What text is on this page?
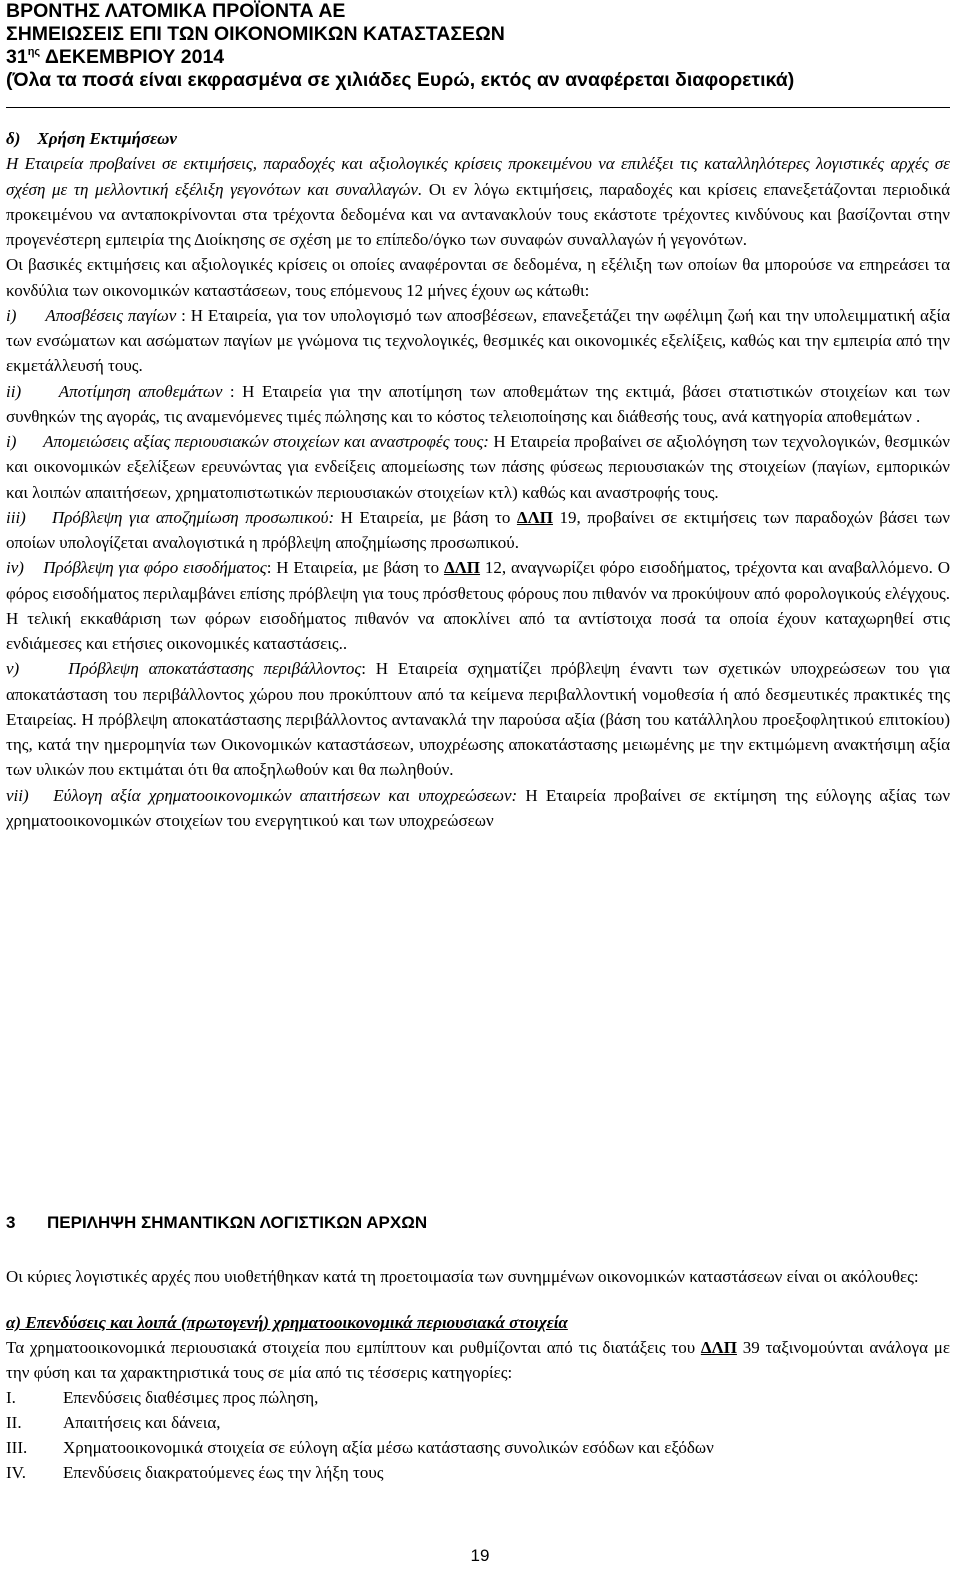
ΒΡΟΝΤΗΣ ΛΑΤΟΜΙΚΑ ΠΡΟΪΟΝΤΑ ΑΕ
ΣΗΜΕΙΩΣΕΙΣ ΕΠΙ ΤΩΝ ΟΙΚΟΝΟΜΙΚΩΝ ΚΑΤΑΣΤΑΣΕΩΝ
$31^{\eta\varsigma}$ ΔΕΚΕΜΒΡΙΟΥ 2014
(Όλα τα ποσά είναι εκφρασμένα σε χιλιάδες Ευρώ, εκτός αν αναφέρεται διαφορετικά)

δ)    Χρήση Εκτιμήσεων

Η Εταιρεία προβαίνει σε εκτιμήσεις, παραδοχές και αξιολογικές κρίσεις προκειμένου να επιλέξει τις καταλληλότερες λογιστικές αρχές σε σχέση με τη μελλοντική εξέλιξη γεγονότων και συναλλαγών. Οι εν λόγω εκτιμήσεις, παραδοχές και κρίσεις επανεξετάζονται περιοδικά προκειμένου να ανταποκρίνονται στα τρέχοντα δεδομένα και να αντανακλούν τους εκάστοτε τρέχοντες κινδύνους και βασίζονται στην προγενέστερη εμπειρία της Διοίκησης σε σχέση με το επίπεδο/όγκο των συναφών συναλλαγών ή γεγονότων.

Οι βασικές εκτιμήσεις και αξιολογικές κρίσεις οι οποίες αναφέρονται σε δεδομένα, η εξέλιξη των οποίων θα μπορούσε να επηρεάσει τα κονδύλια των οικονομικών καταστάσεων, τους επόμενους 12 μήνες έχουν ως κάτωθι:

i)      Αποσβέσεις παγίων : Η Εταιρεία, για τον υπολογισμό των αποσβέσεων, επανεξετάζει την ωφέλιμη ζωή και την υπολειμματική αξία των ενσώματων και ασώματων παγίων με γνώμονα τις τεχνολογικές, θεσμικές και οικονομικές εξελίξεις, καθώς και την εμπειρία από την εκμετάλλευσή τους.

ii)     Αποτίμηση αποθεμάτων : Η Εταιρεία για την αποτίμηση των αποθεμάτων της εκτιμά, βάσει στατιστικών στοιχείων και των συνθηκών της αγοράς, τις αναμενόμενες τιμές πώλησης και το κόστος τελειοποίησης και διάθεσής τους, ανά κατηγορία αποθεμάτων .

i)      Απομειώσεις αξίας περιουσιακών στοιχείων και αναστροφές τους: Η Εταιρεία προβαίνει σε αξιολόγηση των τεχνολογικών, θεσμικών και οικονομικών εξελίξεων ερευνώντας για ενδείξεις απομείωσης των πάσης φύσεως περιουσιακών της στοιχείων (παγίων, εμπορικών και λοιπών απαιτήσεων, χρηματοπιστωτικών περιουσιακών στοιχείων κτλ) καθώς και αναστροφής τους.

iii)    Πρόβλεψη για αποζημίωση προσωπικού: Η Εταιρεία, με βάση το ΔΛΠ 19, προβαίνει σε εκτιμήσεις των παραδοχών βάσει των οποίων υπολογίζεται αναλογιστικά η πρόβλεψη αποζημίωσης προσωπικού.

iv)    Πρόβλεψη για φόρο εισοδήματος: Η Εταιρεία, με βάση το ΔΛΠ 12, αναγνωρίζει φόρο εισοδήματος, τρέχοντα και αναβαλλόμενο. Ο φόρος εισοδήματος περιλαμβάνει επίσης πρόβλεψη για τους πρόσθετους φόρους που πιθανόν να προκύψουν από φορολογικούς ελέγχους. Η τελική εκκαθάριση των φόρων εισοδήματος πιθανόν να αποκλίνει από τα αντίστοιχα ποσά τα οποία έχουν καταχωρηθεί στις ενδιάμεσες και ετήσιες οικονομικές καταστάσεις..

v)     Πρόβλεψη αποκατάστασης περιβάλλοντος: Η Εταιρεία σχηματίζει πρόβλεψη έναντι των σχετικών υποχρεώσεων του για αποκατάσταση του περιβάλλοντος χώρου που προκύπτουν από τα κείμενα περιβαλλοντική νομοθεσία ή από δεσμευτικές πρακτικές της Εταιρείας. Η πρόβλεψη αποκατάστασης περιβάλλοντος αντανακλά την παρούσα αξία (βάση του κατάλληλου προεξοφλητικού επιτοκίου) της, κατά την ημερομηνία των Οικονομικών καταστάσεων, υποχρέωσης αποκατάστασης μειωμένης με την εκτιμώμενη ανακτήσιμη αξία των υλικών που εκτιμάται ότι θα αποξηλωθούν και θα πωληθούν.

vii)   Εύλογη αξία χρηματοοικονομικών απαιτήσεων και υποχρεώσεων: Η Εταιρεία προβαίνει σε εκτίμηση της εύλογης αξίας των χρηματοοικονομικών στοιχείων του ενεργητικού και των υποχρεώσεων

3 ΠΕΡΙΛΗΨΗ ΣΗΜΑΝΤΙΚΩΝ ΛΟΓΙΣΤΙΚΩΝ ΑΡΧΩΝ

Οι κύριες λογιστικές αρχές που υιοθετήθηκαν κατά τη προετοιμασία των συνημμένων οικονομικών καταστάσεων είναι οι ακόλουθες:

α) Επενδύσεις και λοιπά (πρωτογενή) χρηματοοικονομικά περιουσιακά στοιχεία

Τα χρηματοοικονομικά περιουσιακά στοιχεία που εμπίπτουν και ρυθμίζονται από τις διατάξεις του ΔΛΠ 39 ταξινομούνται ανάλογα με την φύση και τα χαρακτηριστικά τους σε μία από τις τέσσερις κατηγορίες:

I.	Επενδύσεις διαθέσιμες προς πώληση,
II.	Απαιτήσεις και δάνεια,
III.	Χρηματοοικονομικά στοιχεία σε εύλογη αξία μέσω κατάστασης συνολικών εσόδων και εξόδων
IV.	Επενδύσεις διακρατούμενες έως την λήξη τους
19
